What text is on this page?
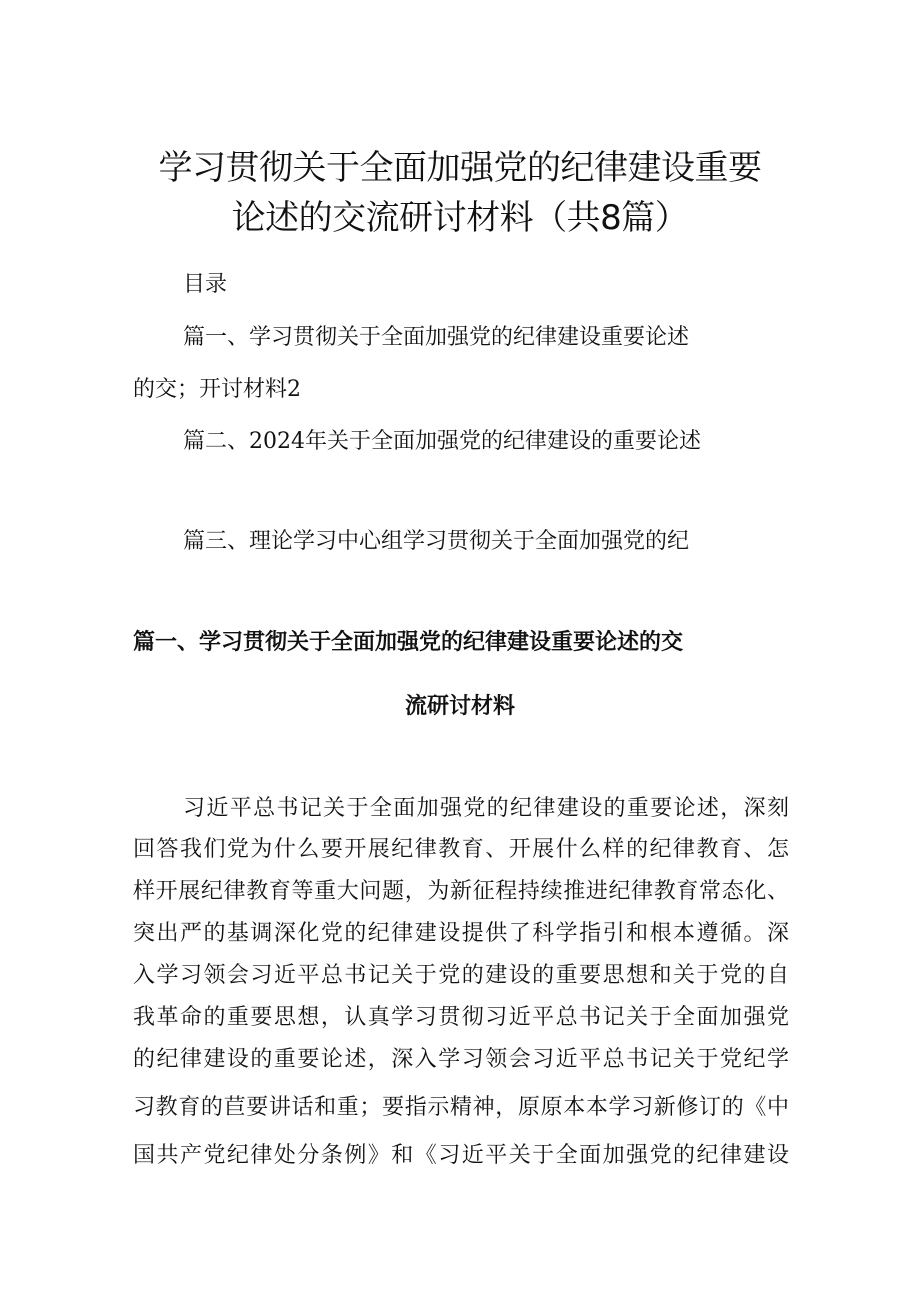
学习贯彻关于全面加强党的纪律建设重要
论述的交流研讨材料（共8篇）
目录
篇一、学习贯彻关于全面加强党的纪律建设重要论述
的交；开讨材料2
篇二、2024年关于全面加强党的纪律建设的重要论述
篇三、理论学习中心组学习贯彻关于全面加强党的纪
篇一、学习贯彻关于全面加强党的纪律建设重要论述的交
流研讨材料
习近平总书记关于全面加强党的纪律建设的重要论述，深刻
回答我们党为什么要开展纪律教育、开展什么样的纪律教育、怎
样开展纪律教育等重大问题，为新征程持续推进纪律教育常态化、
突出严的基调深化党的纪律建设提供了科学指引和根本遵循。深
入学习领会习近平总书记关于党的建设的重要思想和关于党的自
我革命的重要思想，认真学习贯彻习近平总书记关于全面加强党
的纪律建设的重要论述，深入学习领会习近平总书记关于党纪学
习教育的苣要讲话和重；要指示精神，原原本本学习新修订的《中
国共产党纪律处分条例》和《习近平关于全面加强党的纪律建设
